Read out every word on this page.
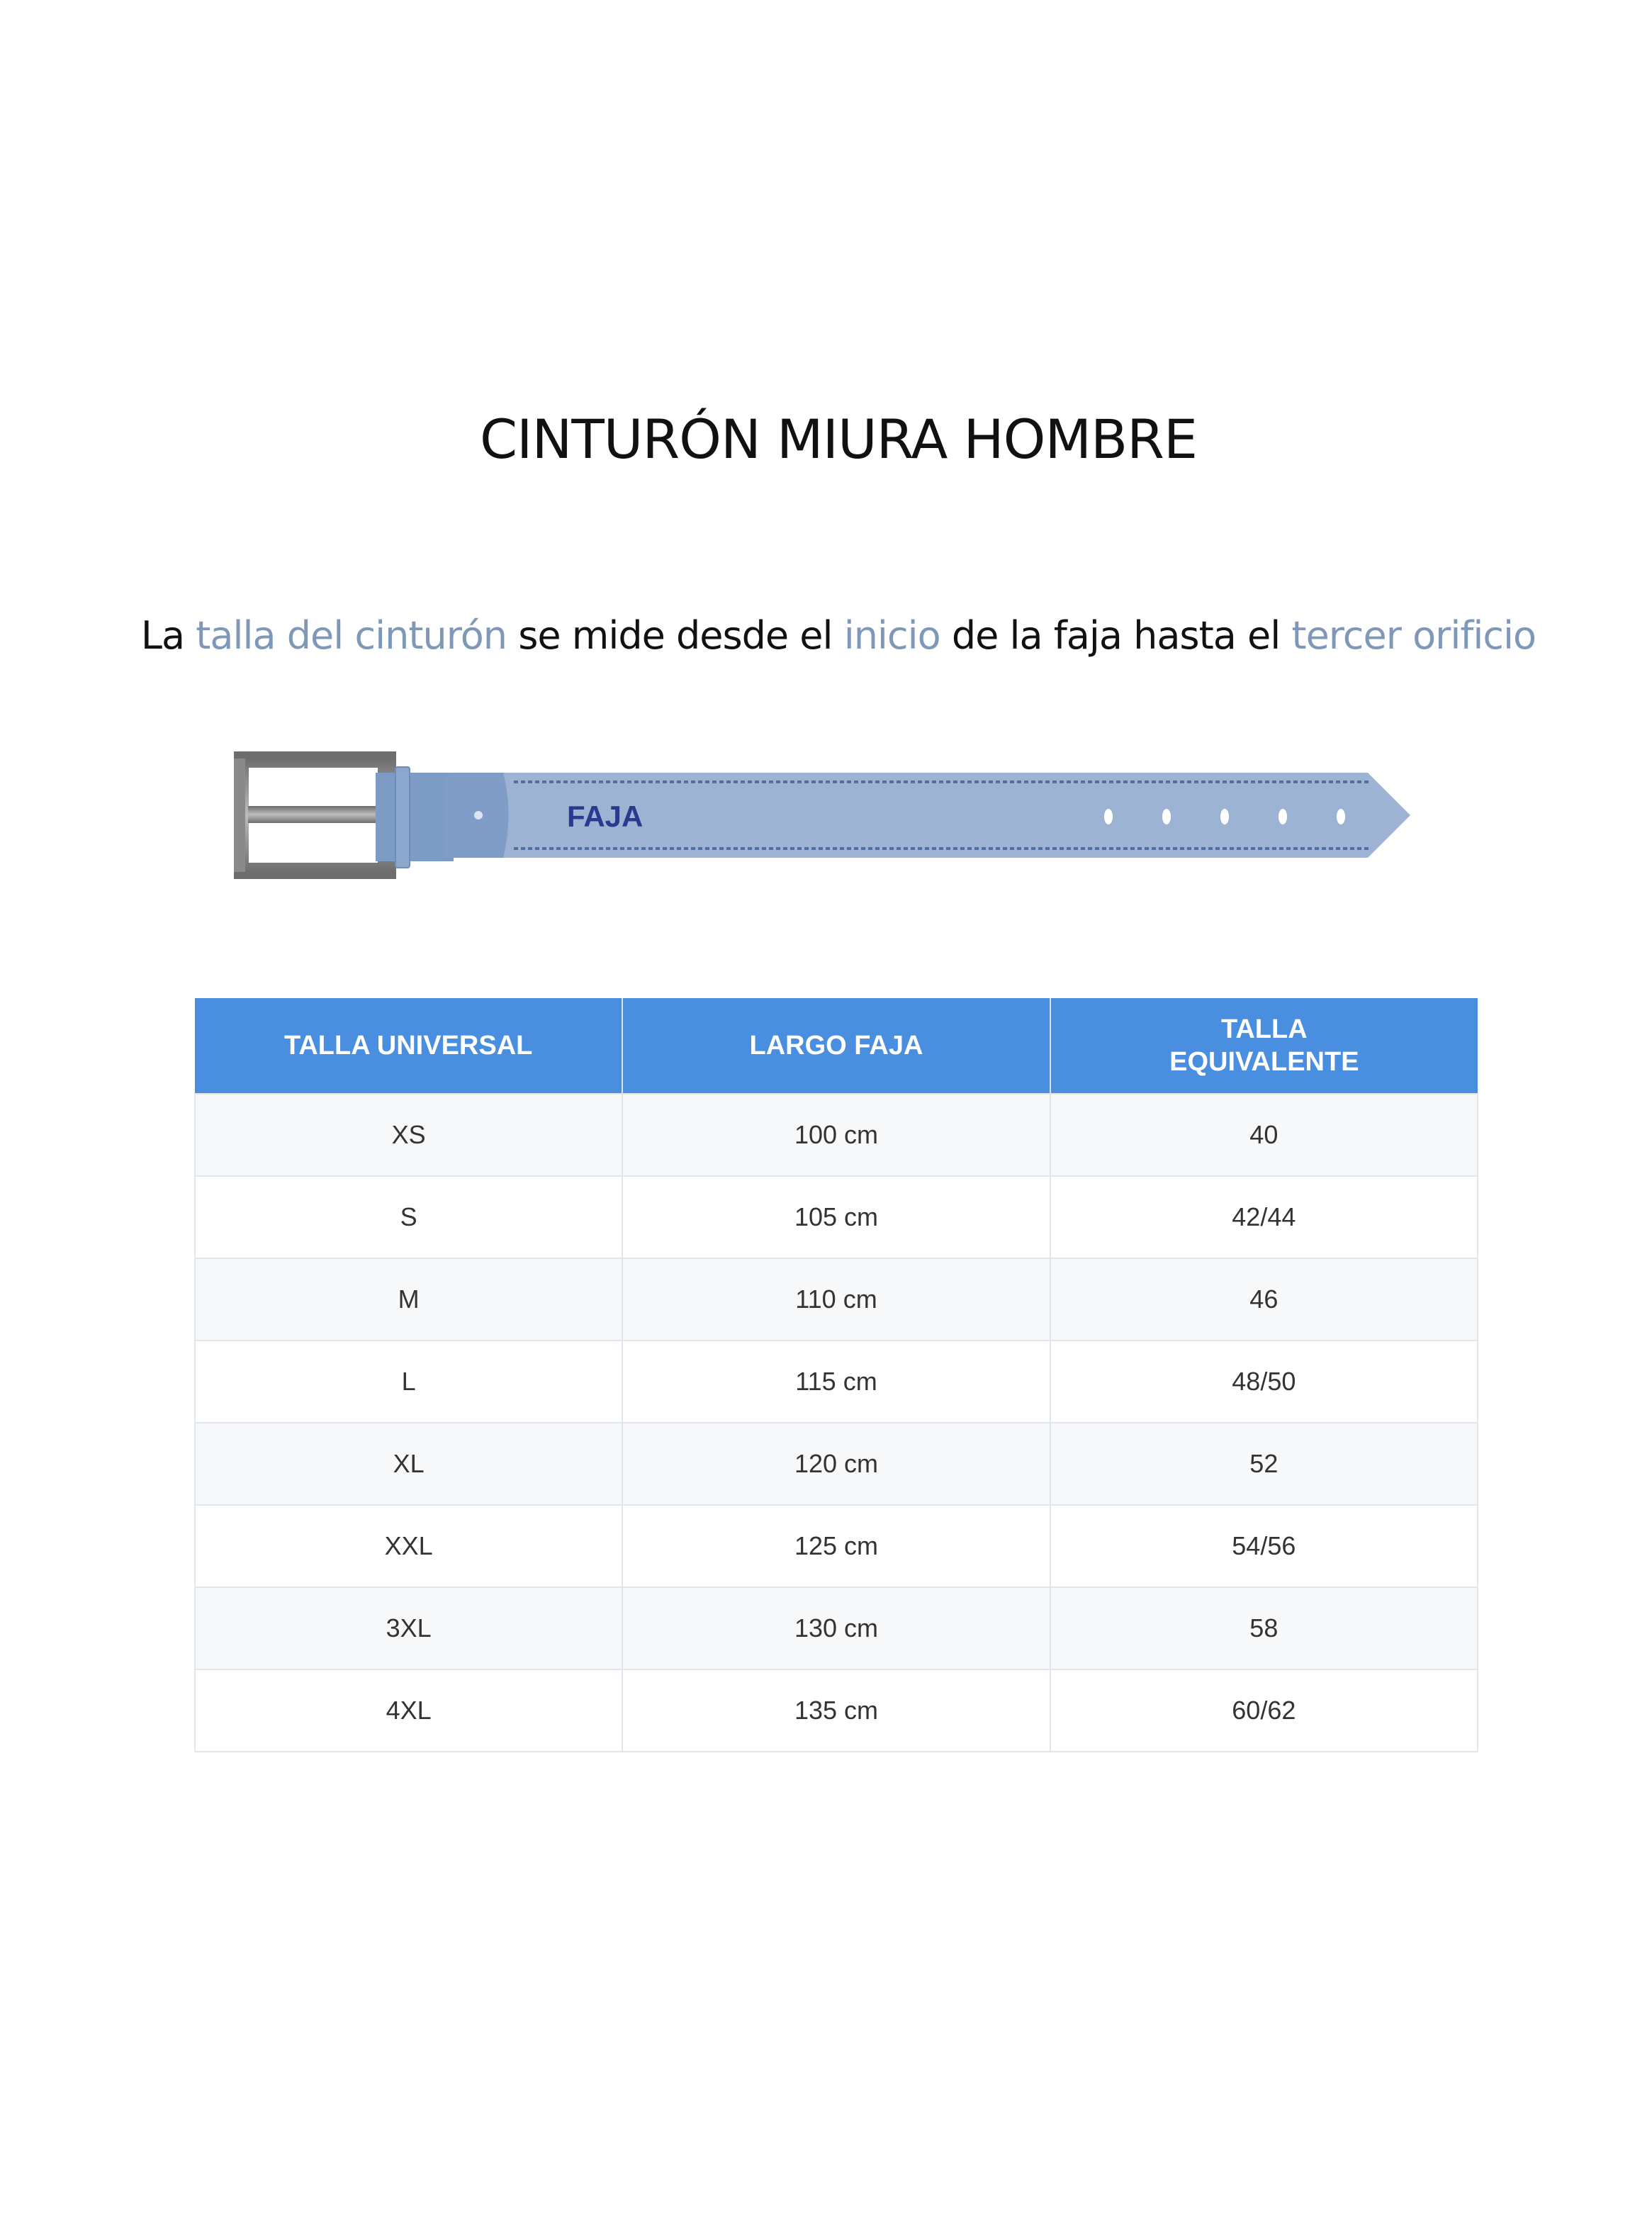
CINTURÓN MIURA HOMBRE
La talla del cinturón se mide desde el inicio de la faja hasta el tercer orificio
FAJA
TALLA UNIVERSAL	LARGO FAJA	TALLA EQUIVALENTE
XS	100 cm	40
S	105 cm	42/44
M	110 cm	46
L	115 cm	48/50
XL	120 cm	52
XXL	125 cm	54/56
3XL	130 cm	58
4XL	135 cm	60/62
